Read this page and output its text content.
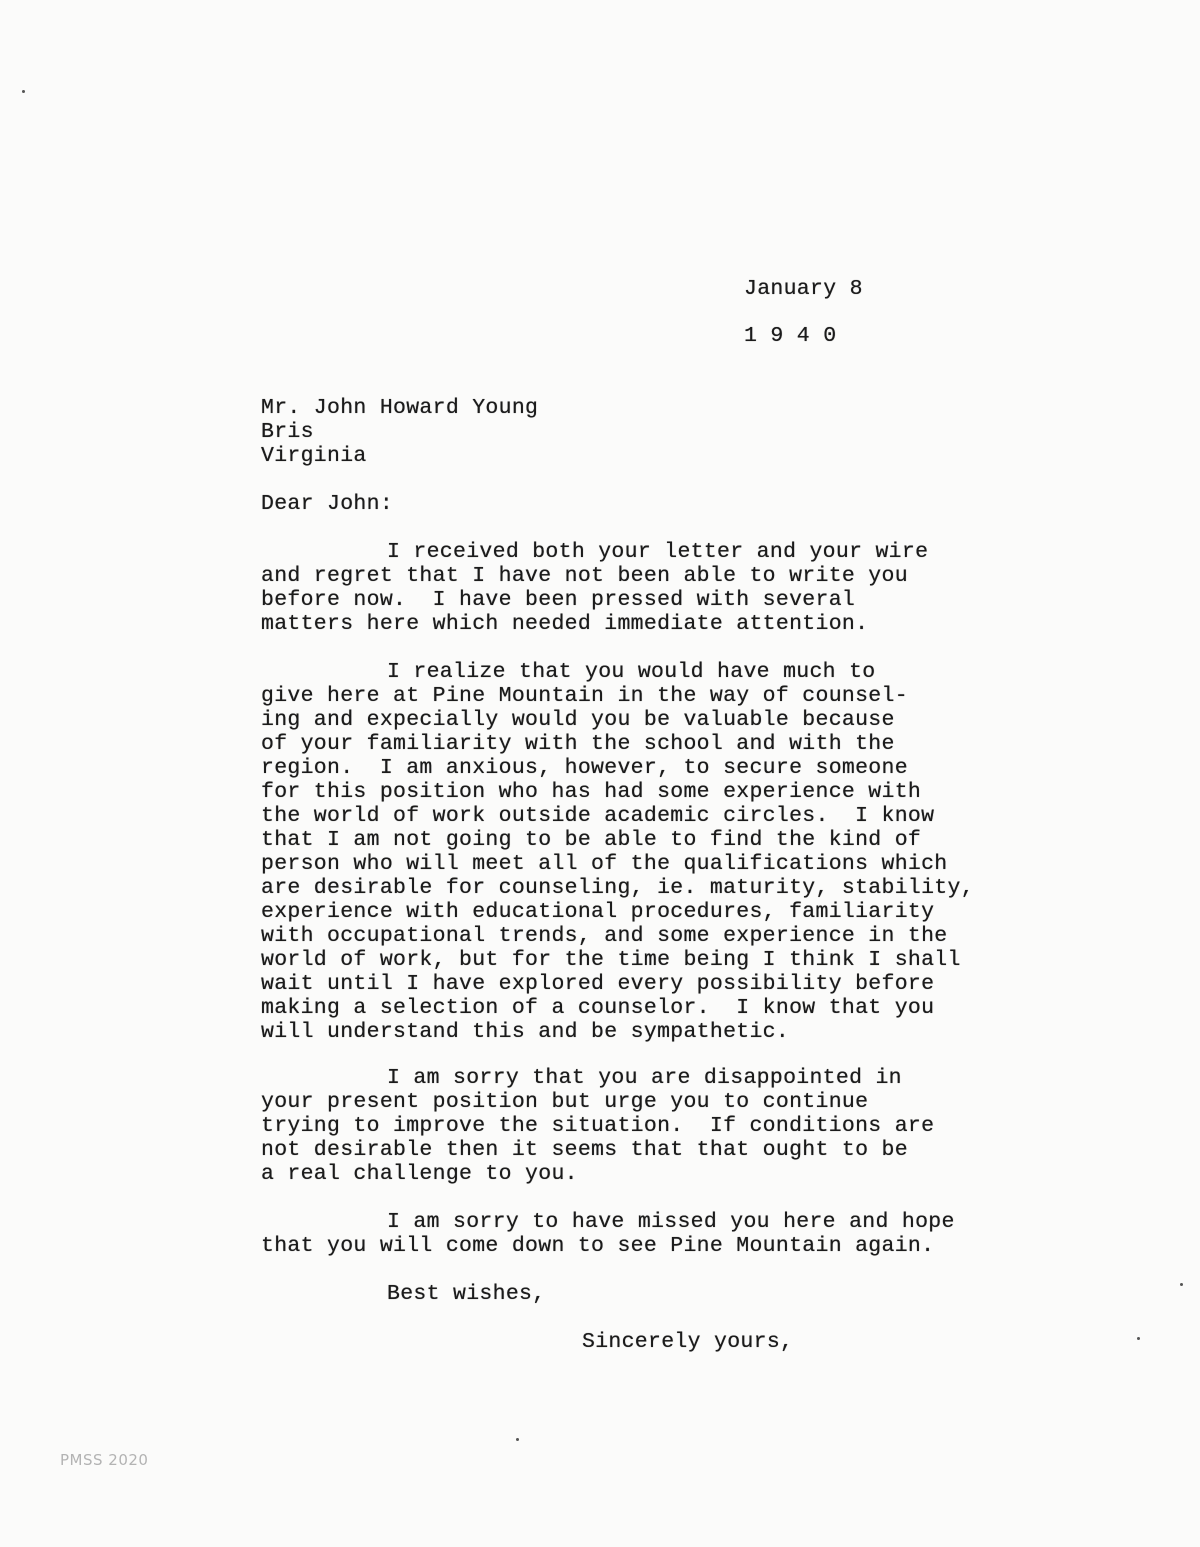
January 8
1 9 4 0
Mr. John Howard Young
Bris
Virginia
Dear John:
I received both your letter and your wire
and regret that I have not been able to write you
before now.  I have been pressed with several
matters here which needed immediate attention.
I realize that you would have much to
give here at Pine Mountain in the way of counsel-
ing and expecially would you be valuable because
of your familiarity with the school and with the
region.  I am anxious, however, to secure someone
for this position who has had some experience with
the world of work outside academic circles.  I know
that I am not going to be able to find the kind of
person who will meet all of the qualifications which
are desirable for counseling, ie. maturity, stability,
experience with educational procedures, familiarity
with occupational trends, and some experience in the
world of work, but for the time being I think I shall
wait until I have explored every possibility before
making a selection of a counselor.  I know that you
will understand this and be sympathetic.
I am sorry that you are disappointed in
your present position but urge you to continue
trying to improve the situation.  If conditions are
not desirable then it seems that that ought to be
a real challenge to you.
I am sorry to have missed you here and hope
that you will come down to see Pine Mountain again.
Best wishes,
Sincerely yours,
PMSS 2020
